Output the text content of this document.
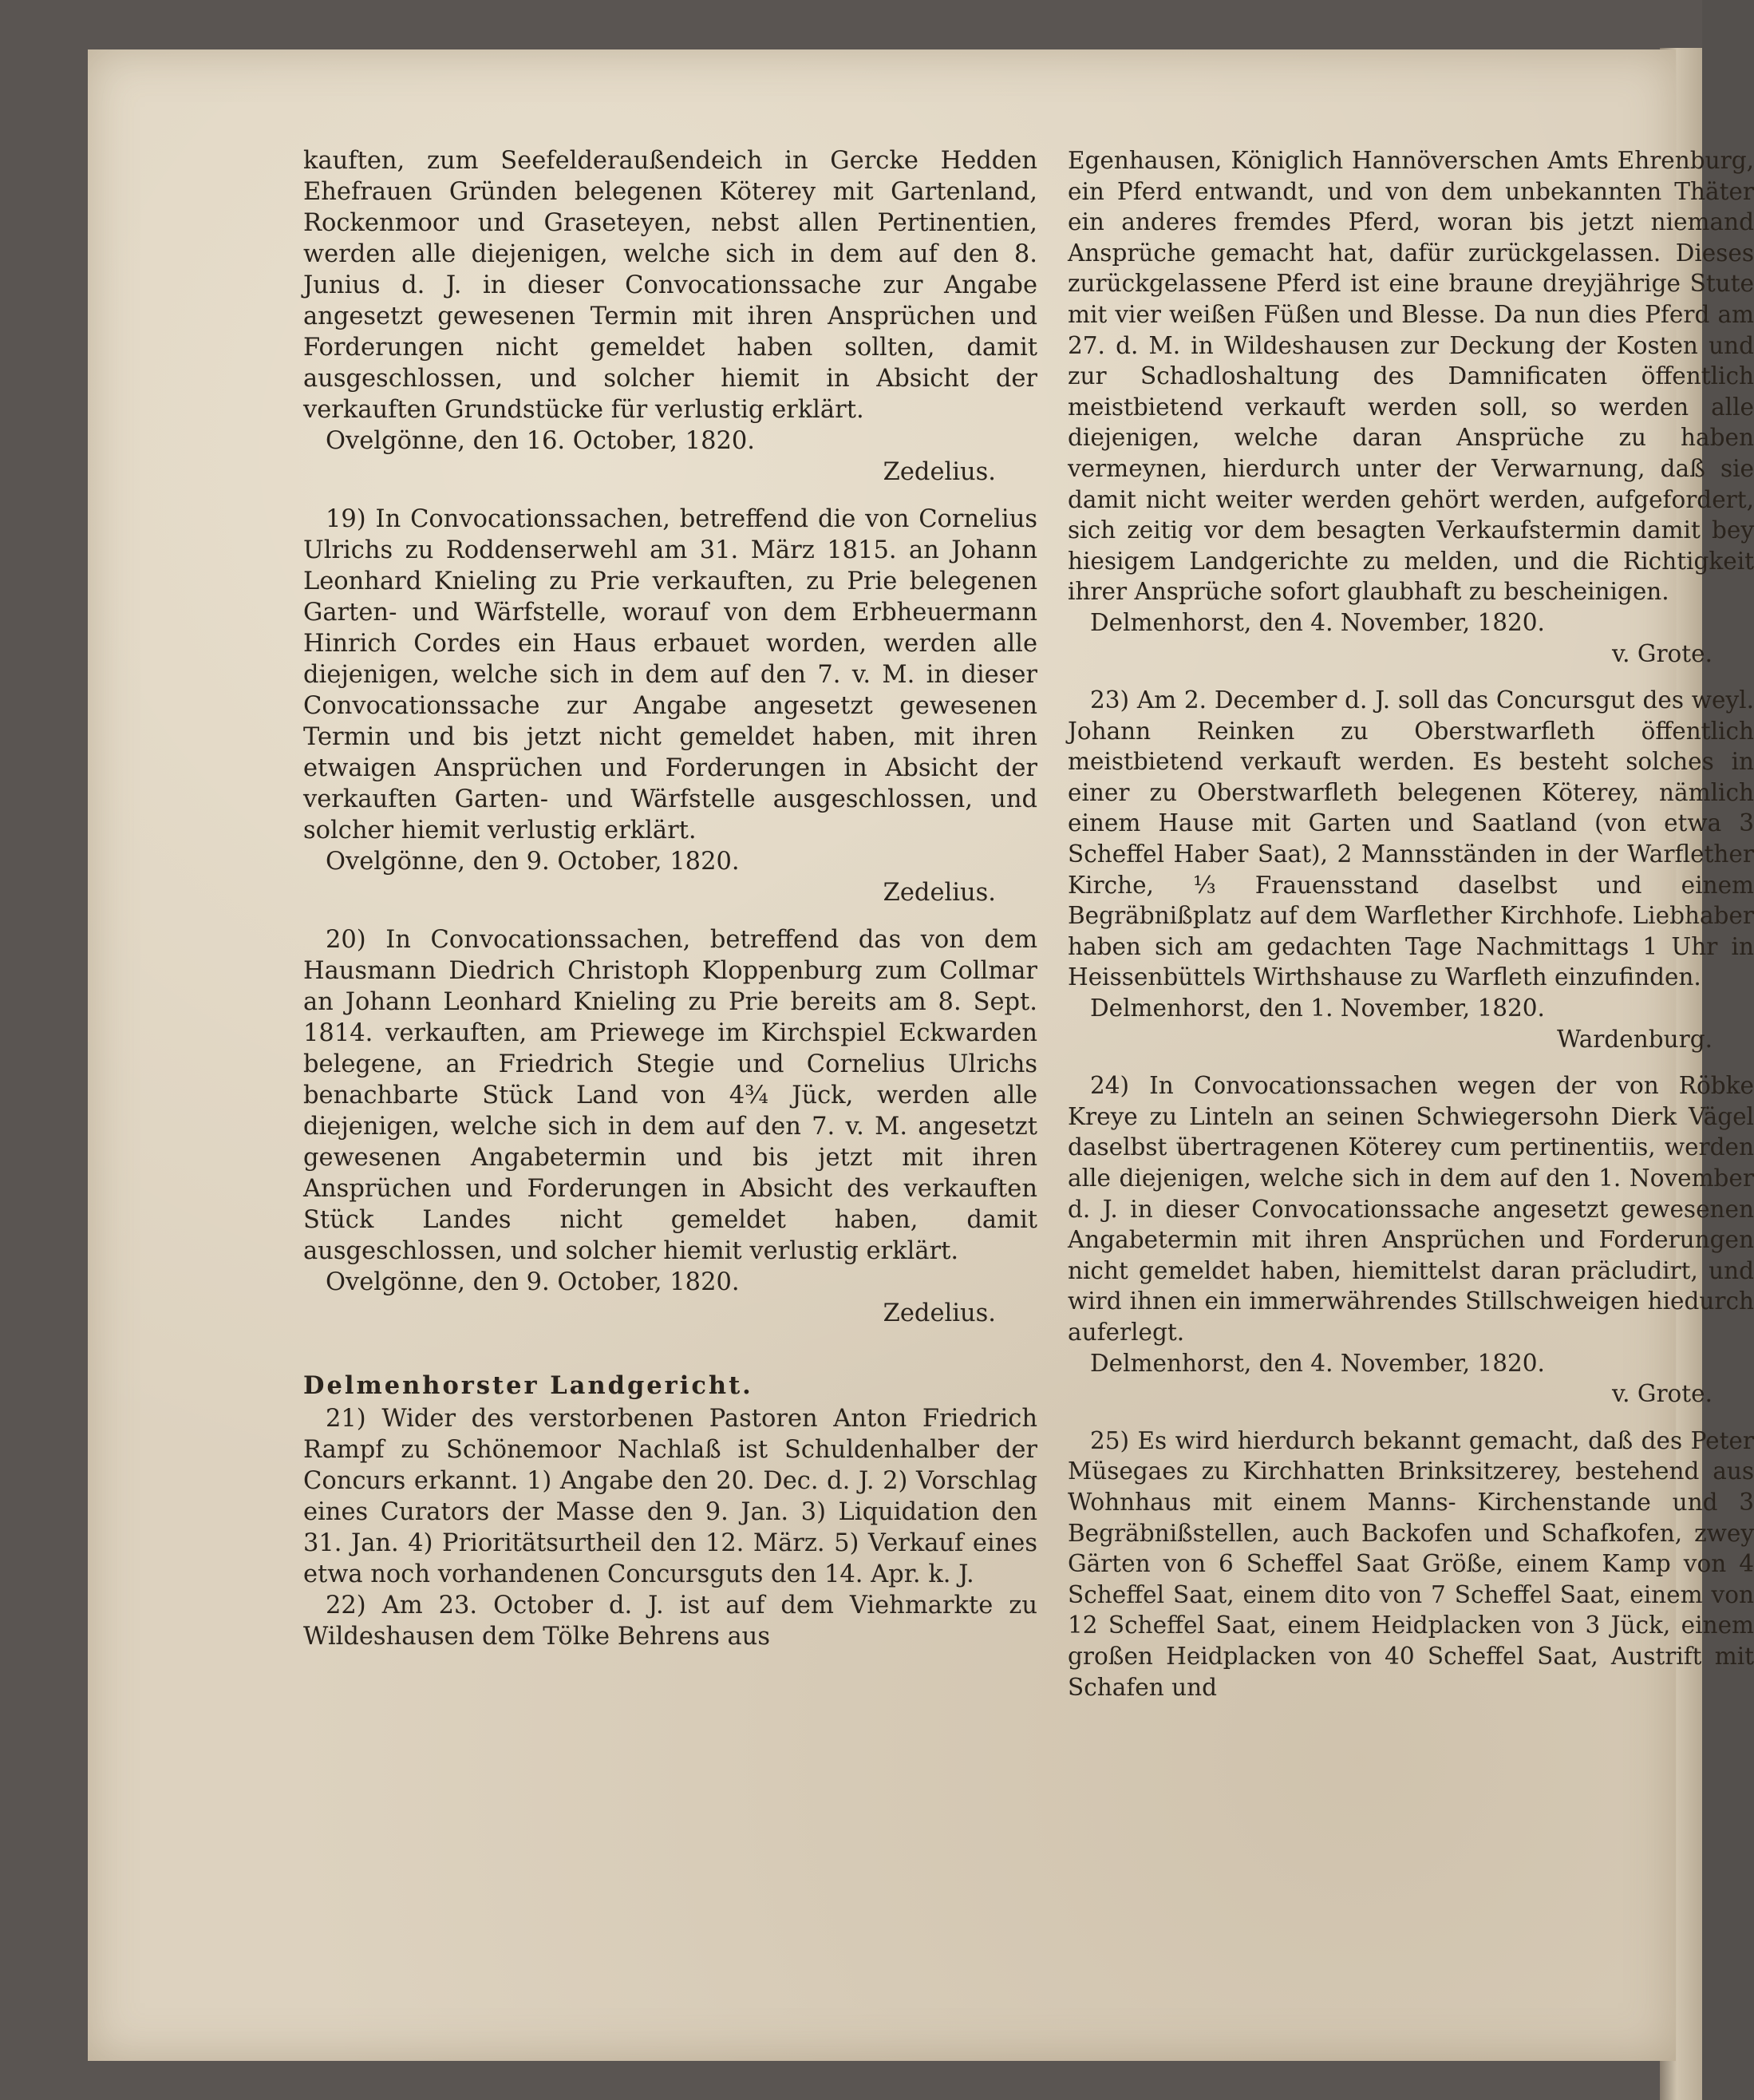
kauften, zum Seefelderaußendeich in Gercke Hedden Ehefrauen Gründen belegenen Köterey mit Gartenland, Rockenmoor und Graseteyen, nebst allen Pertinentien, werden alle diejenigen, welche sich in dem auf den 8. Junius d. J. in dieser Convocationssache zur Angabe angesetzt gewesenen Termin mit ihren Ansprüchen und Forderungen nicht gemeldet haben sollten, damit ausgeschlossen, und solcher hiemit in Absicht der verkauften Grundstücke für verlustig erklärt.

Ovelgönne, den 16. October, 1820.

Zedelius.

19) In Convocationssachen, betreffend die von Cornelius Ulrichs zu Roddenserwehl am 31. März 1815. an Johann Leonhard Knieling zu Prie verkauften, zu Prie belegenen Garten- und Wärfstelle, worauf von dem Erbheuermann Hinrich Cordes ein Haus erbauet worden, werden alle diejenigen, welche sich in dem auf den 7. v. M. in dieser Convocationssache zur Angabe angesetzt gewesenen Termin und bis jetzt nicht gemeldet haben, mit ihren etwaigen Ansprüchen und Forderungen in Absicht der verkauften Garten- und Wärfstelle ausgeschlossen, und solcher hiemit verlustig erklärt.

Ovelgönne, den 9. October, 1820.

Zedelius.

20) In Convocationssachen, betreffend das von dem Hausmann Diedrich Christoph Kloppenburg zum Collmar an Johann Leonhard Knieling zu Prie bereits am 8. Sept. 1814. verkauften, am Priewege im Kirchspiel Eckwarden belegene, an Friedrich Stegie und Cornelius Ulrichs benachbarte Stück Land von 4¾ Jück, werden alle diejenigen, welche sich in dem auf den 7. v. M. angesetzt gewesenen Angabetermin und bis jetzt mit ihren Ansprüchen und Forderungen in Absicht des verkauften Stück Landes nicht gemeldet haben, damit ausgeschlossen, und solcher hiemit verlustig erklärt.

Ovelgönne, den 9. October, 1820.

Zedelius.

Delmenhorster Landgericht.

21) Wider des verstorbenen Pastoren Anton Friedrich Rampf zu Schönemoor Nachlaß ist Schuldenhalber der Concurs erkannt. 1) Angabe den 20. Dec. d. J. 2) Vorschlag eines Curators der Masse den 9. Jan. 3) Liquidation den 31. Jan. 4) Prioritätsurtheil den 12. März. 5) Verkauf eines etwa noch vorhandenen Concursguts den 14. Apr. k. J.

22) Am 23. October d. J. ist auf dem Viehmarkte zu Wildeshausen dem Tölke Behrens aus

Egenhausen, Königlich Hannöverschen Amts Ehrenburg, ein Pferd entwandt, und von dem unbekannten Thäter ein anderes fremdes Pferd, woran bis jetzt niemand Ansprüche gemacht hat, dafür zurückgelassen. Dieses zurückgelassene Pferd ist eine braune dreyjährige Stute mit vier weißen Füßen und Blesse. Da nun dies Pferd am 27. d. M. in Wildeshausen zur Deckung der Kosten und zur Schadloshaltung des Damnificaten öffentlich meistbietend verkauft werden soll, so werden alle diejenigen, welche daran Ansprüche zu haben vermeynen, hierdurch unter der Verwarnung, daß sie damit nicht weiter werden gehört werden, aufgefordert, sich zeitig vor dem besagten Verkaufstermin damit bey hiesigem Landgerichte zu melden, und die Richtigkeit ihrer Ansprüche sofort glaubhaft zu bescheinigen.

Delmenhorst, den 4. November, 1820.

v. Grote.

23) Am 2. December d. J. soll das Concursgut des weyl. Johann Reinken zu Oberstwarfleth öffentlich meistbietend verkauft werden. Es besteht solches in einer zu Oberstwarfleth belegenen Köterey, nämlich einem Hause mit Garten und Saatland (von etwa 3 Scheffel Haber Saat), 2 Mannsständen in der Warflether Kirche, ⅓ Frauensstand daselbst und einem Begräbnißplatz auf dem Warflether Kirchhofe. Liebhaber haben sich am gedachten Tage Nachmittags 1 Uhr in Heissenbüttels Wirthshause zu Warfleth einzufinden.

Delmenhorst, den 1. November, 1820.

Wardenburg.

24) In Convocationssachen wegen der von Röbke Kreye zu Linteln an seinen Schwiegersohn Dierk Vägel daselbst übertragenen Köterey cum pertinentiis, werden alle diejenigen, welche sich in dem auf den 1. November d. J. in dieser Convocationssache angesetzt gewesenen Angabetermin mit ihren Ansprüchen und Forderungen nicht gemeldet haben, hiemittelst daran präcludirt, und wird ihnen ein immerwährendes Stillschweigen hiedurch auferlegt.

Delmenhorst, den 4. November, 1820.

v. Grote.

25) Es wird hierdurch bekannt gemacht, daß des Peter Müsegaes zu Kirchhatten Brinksitzerey, bestehend aus Wohnhaus mit einem Manns- Kirchenstande und 3 Begräbnißstellen, auch Backofen und Schafkofen, zwey Gärten von 6 Scheffel Saat Größe, einem Kamp von 4 Scheffel Saat, einem dito von 7 Scheffel Saat, einem von 12 Scheffel Saat, einem Heidplacken von 3 Jück, einem großen Heidplacken von 40 Scheffel Saat, Austrift mit Schafen und
